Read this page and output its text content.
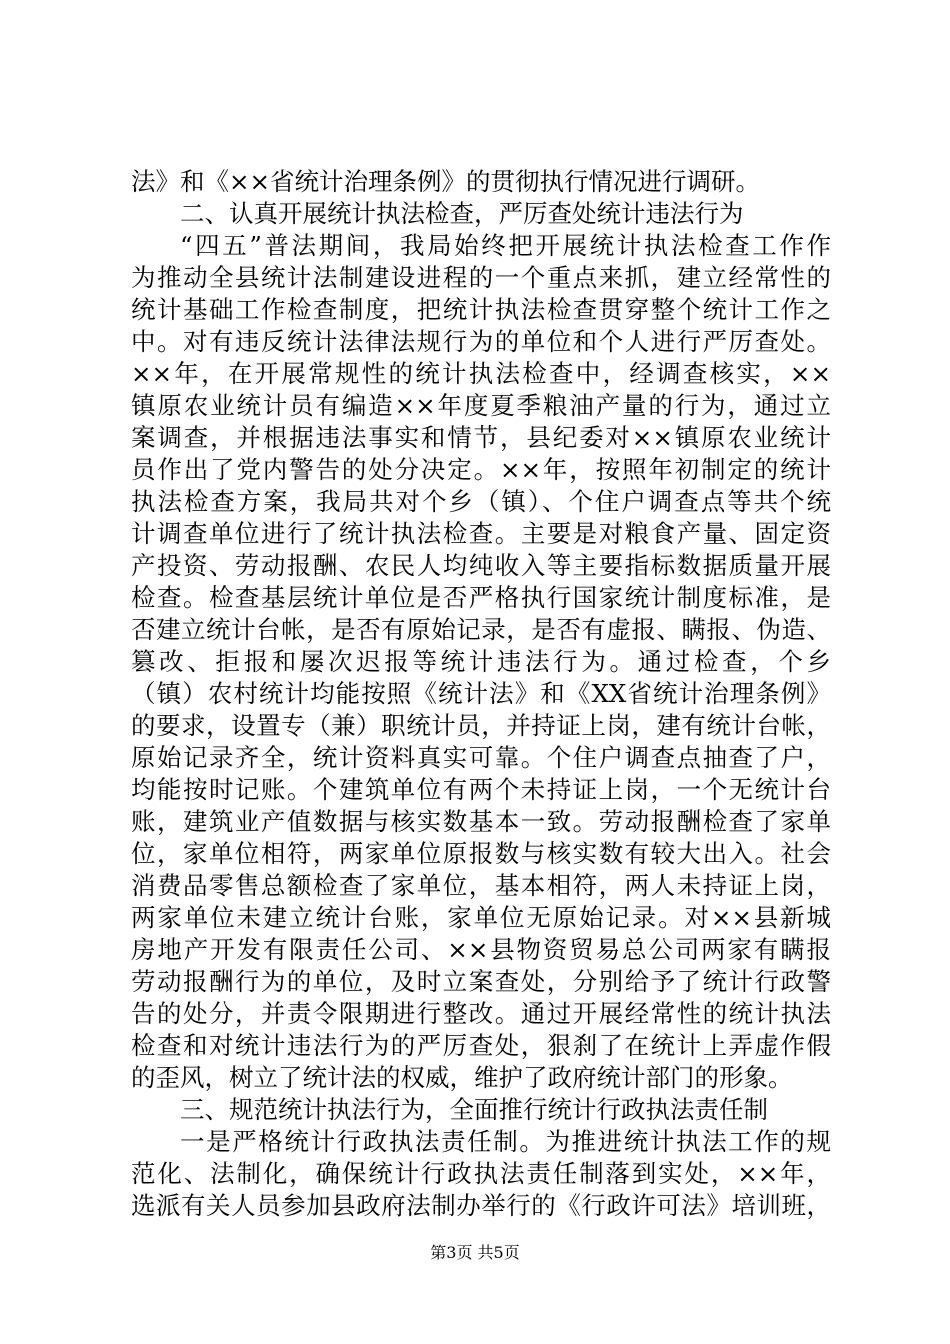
法》和《××省统计治理条例》的贯彻执行情况进行调研。
二、认真开展统计执法检查，严厉查处统计违法行为
“四五”普法期间，我局始终把开展统计执法检查工作作
为推动全县统计法制建设进程的一个重点来抓，建立经常性的
统计基础工作检查制度，把统计执法检查贯穿整个统计工作之
中。对有违反统计法律法规行为的单位和个人进行严厉查处。
××年，在开展常规性的统计执法检查中，经调查核实，××
镇原农业统计员有编造××年度夏季粮油产量的行为，通过立
案调查，并根据违法事实和情节，县纪委对××镇原农业统计
员作出了党内警告的处分决定。××年，按照年初制定的统计
执法检查方案，我局共对个乡（镇）、个住户调查点等共个统
计调查单位进行了统计执法检查。主要是对粮食产量、固定资
产投资、劳动报酬、农民人均纯收入等主要指标数据质量开展
检查。检查基层统计单位是否严格执行国家统计制度标准，是
否建立统计台帐，是否有原始记录，是否有虚报、瞒报、伪造、
篡改、拒报和屡次迟报等统计违法行为。通过检查，个乡
（镇）农村统计均能按照《统计法》和《XX省统计治理条例》
的要求，设置专（兼）职统计员，并持证上岗，建有统计台帐，
原始记录齐全，统计资料真实可靠。个住户调查点抽查了户，
均能按时记账。个建筑单位有两个未持证上岗，一个无统计台
账，建筑业产值数据与核实数基本一致。劳动报酬检查了家单
位，家单位相符，两家单位原报数与核实数有较大出入。社会
消费品零售总额检查了家单位，基本相符，两人未持证上岗，
两家单位未建立统计台账，家单位无原始记录。对××县新城
房地产开发有限责任公司、××县物资贸易总公司两家有瞒报
劳动报酬行为的单位，及时立案查处，分别给予了统计行政警
告的处分，并责令限期进行整改。通过开展经常性的统计执法
检查和对统计违法行为的严厉查处，狠刹了在统计上弄虚作假
的歪风，树立了统计法的权威，维护了政府统计部门的形象。
三、规范统计执法行为，全面推行统计行政执法责任制
一是严格统计行政执法责任制。为推进统计执法工作的规
范化、法制化，确保统计行政执法责任制落到实处，××年，
选派有关人员参加县政府法制办举行的《行政许可法》培训班，
第3页 共5页
